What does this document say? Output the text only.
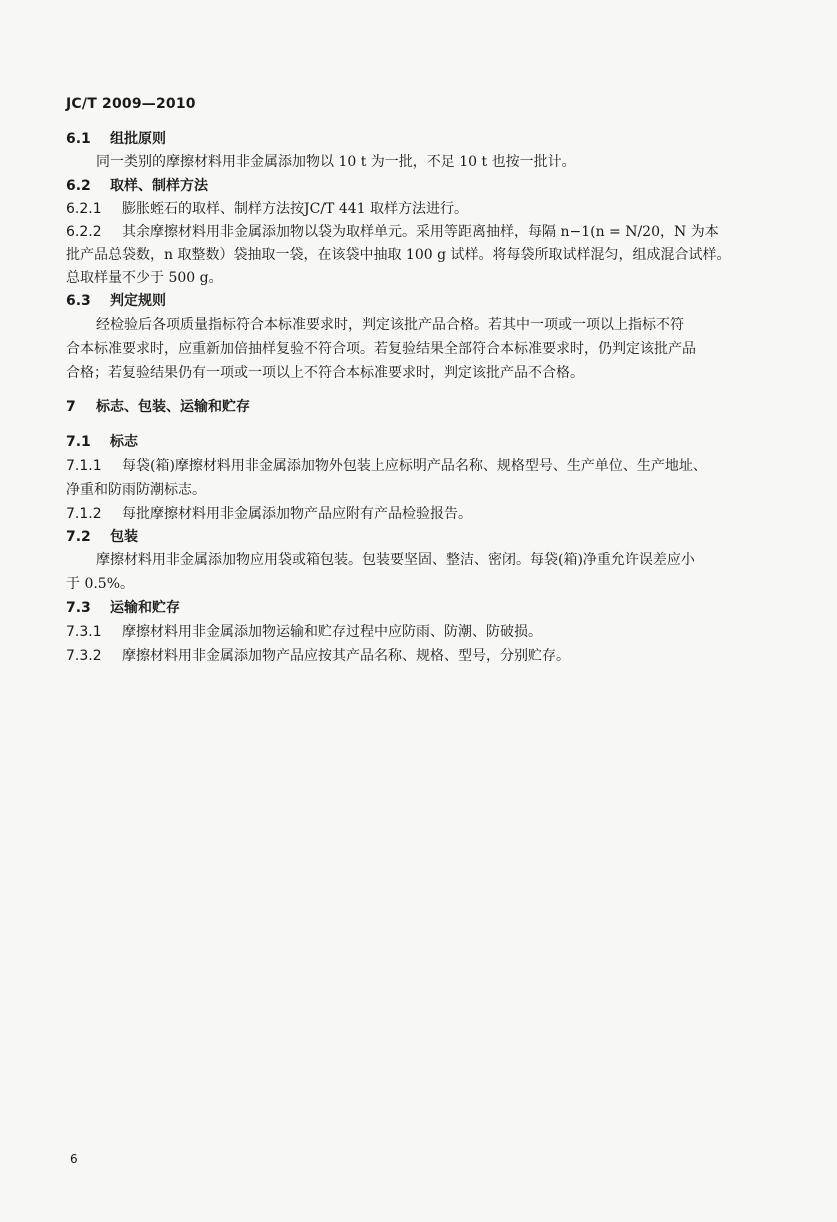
JC/T 2009—2010
6.1 组批原则
同一类别的摩擦材料用非金属添加物以 10 t 为一批，不足 10 t 也按一批计。
6.2 取样、制样方法
6.2.1 膨胀蛭石的取样、制样方法按JC/T 441 取样方法进行。
6.2.2 其余摩擦材料用非金属添加物以袋为取样单元。采用等距离抽样，每隔 n−1(n = N/20，N 为本
批产品总袋数，n 取整数）袋抽取一袋，在该袋中抽取 100 g 试样。将每袋所取试样混匀，组成混合试样。
总取样量不少于 500 g。
6.3 判定规则
经检验后各项质量指标符合本标准要求时，判定该批产品合格。若其中一项或一项以上指标不符
合本标准要求时，应重新加倍抽样复验不符合项。若复验结果全部符合本标准要求时，仍判定该批产品
合格；若复验结果仍有一项或一项以上不符合本标准要求时，判定该批产品不合格。
7 标志、包装、运输和贮存
7.1 标志
7.1.1 每袋(箱)摩擦材料用非金属添加物外包装上应标明产品名称、规格型号、生产单位、生产地址、
净重和防雨防潮标志。
7.1.2 每批摩擦材料用非金属添加物产品应附有产品检验报告。
7.2 包装
摩擦材料用非金属添加物应用袋或箱包装。包装要坚固、整洁、密闭。每袋(箱)净重允许误差应小
于 0.5%。
7.3 运输和贮存
7.3.1 摩擦材料用非金属添加物运输和贮存过程中应防雨、防潮、防破损。
7.3.2 摩擦材料用非金属添加物产品应按其产品名称、规格、型号，分别贮存。
6
